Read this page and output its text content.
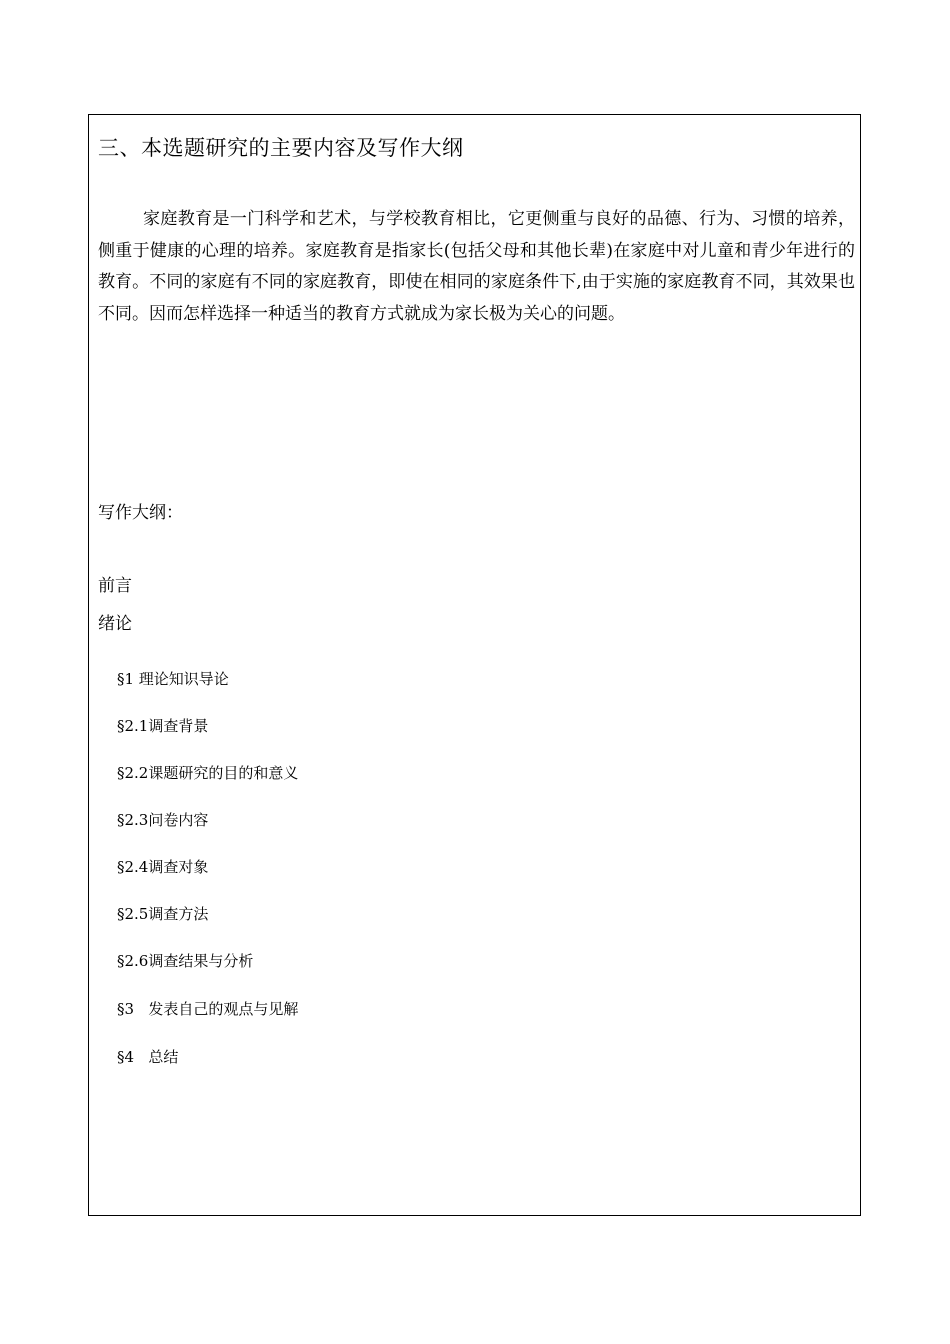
三、本选题研究的主要内容及写作大纲

家庭教育是一门科学和艺术，与学校教育相比，它更侧重与良好的品德、行为、习惯的培养，侧重于健康的心理的培养。家庭教育是指家长(包括父母和其他长辈)在家庭中对儿童和青少年进行的教育。不同的家庭有不同的家庭教育，即使在相同的家庭条件下,由于实施的家庭教育不同，其效果也不同。因而怎样选择一种适当的教育方式就成为家长极为关心的问题。

写作大纲：
前言
绪论
§1 理论知识导论
§2.1调查背景
§2.2课题研究的目的和意义
§2.3问卷内容
§2.4调查对象
§2.5调查方法
§2.6调查结果与分析
§3   发表自己的观点与见解
§4   总结
